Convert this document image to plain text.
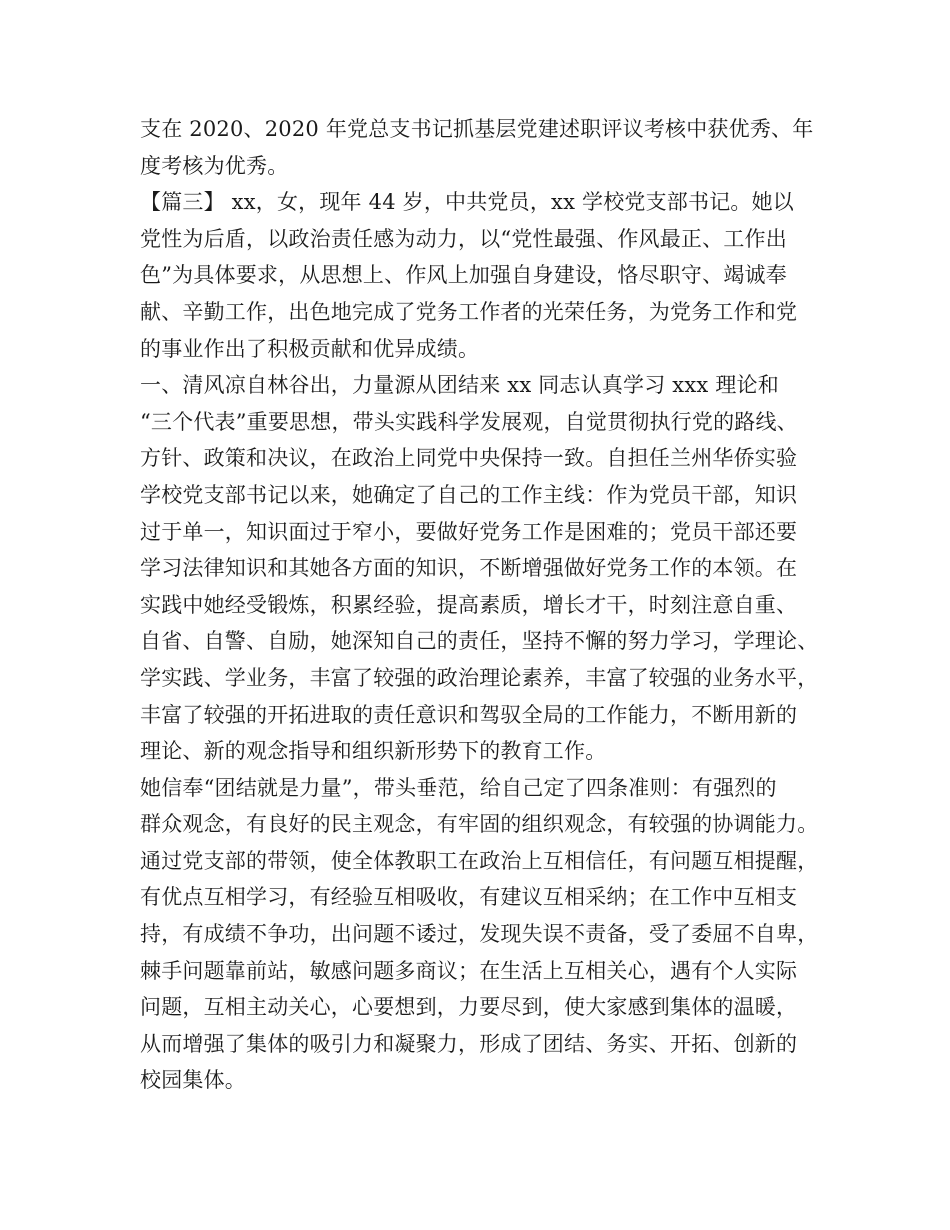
支在 2020、2020 年党总支书记抓基层党建述职评议考核中获优秀、年
度考核为优秀。
【篇三】 xx，女，现年 44 岁，中共党员，xx 学校党支部书记。她以
党性为后盾，以政治责任感为动力，以“党性最强、作风最正、工作出
色”为具体要求，从思想上、作风上加强自身建设，恪尽职守、竭诚奉
献、辛勤工作，出色地完成了党务工作者的光荣任务，为党务工作和党
的事业作出了积极贡献和优异成绩。
一、清风凉自林谷出，力量源从团结来 xx 同志认真学习 xxx 理论和
“三个代表”重要思想，带头实践科学发展观，自觉贯彻执行党的路线、
方针、政策和决议，在政治上同党中央保持一致。自担任兰州华侨实验
学校党支部书记以来，她确定了自己的工作主线：作为党员干部，知识
过于单一，知识面过于窄小，要做好党务工作是困难的；党员干部还要
学习法律知识和其她各方面的知识，不断增强做好党务工作的本领。在
实践中她经受锻炼，积累经验，提高素质，增长才干，时刻注意自重、
自省、自警、自励，她深知自己的责任，坚持不懈的努力学习，学理论、
学实践、学业务，丰富了较强的政治理论素养，丰富了较强的业务水平，
丰富了较强的开拓进取的责任意识和驾驭全局的工作能力，不断用新的
理论、新的观念指导和组织新形势下的教育工作。
她信奉“团结就是力量”，带头垂范，给自己定了四条准则：有强烈的
群众观念，有良好的民主观念，有牢固的组织观念，有较强的协调能力。
通过党支部的带领，使全体教职工在政治上互相信任，有问题互相提醒，
有优点互相学习，有经验互相吸收，有建议互相采纳；在工作中互相支
持，有成绩不争功，出问题不诿过，发现失误不责备，受了委屈不自卑，
棘手问题靠前站，敏感问题多商议；在生活上互相关心，遇有个人实际
问题，互相主动关心，心要想到，力要尽到，使大家感到集体的温暖，
从而增强了集体的吸引力和凝聚力，形成了团结、务实、开拓、创新的
校园集体。
